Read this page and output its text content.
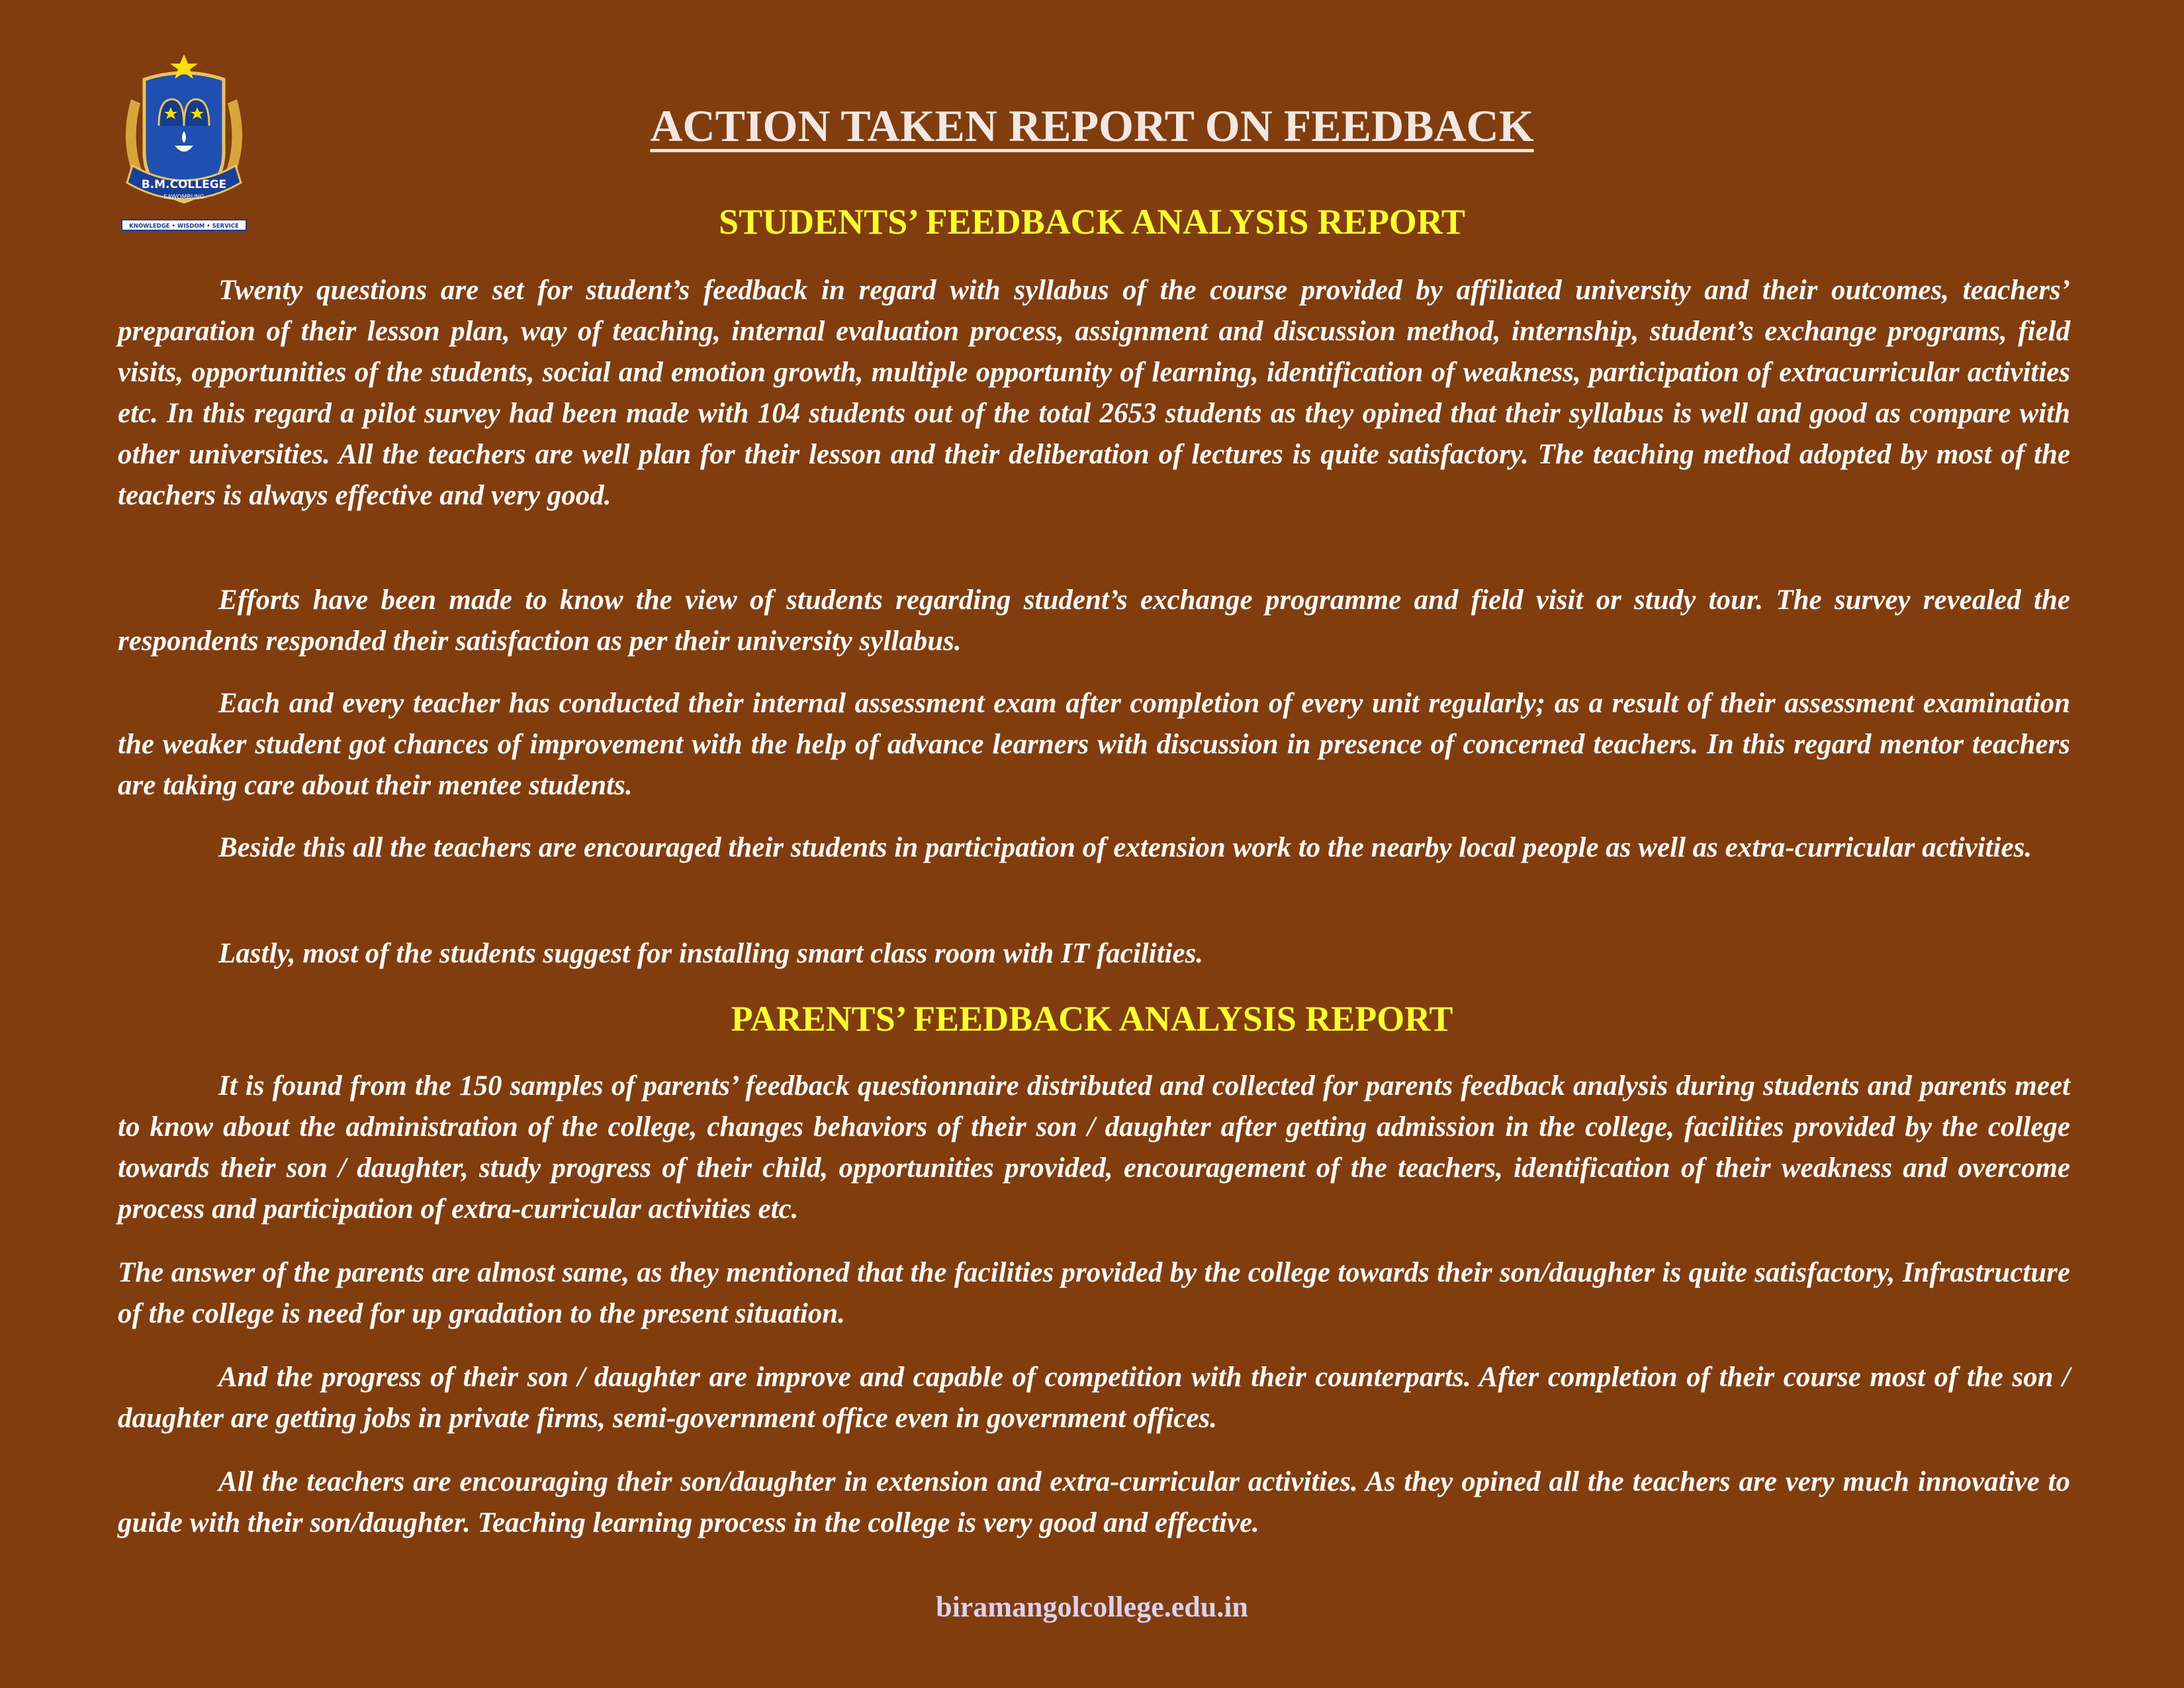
B.M.COLLEGE
SAWOMBUNG
KNOWLEDGE • WISDOM • SERVICE
ACTION TAKEN REPORT ON FEEDBACK
STUDENTS’ FEEDBACK ANALYSIS REPORT

Twenty questions are set for student’s feedback in regard with syllabus of the course provided by affiliated university and their outcomes, teachers’ preparation of their lesson plan, way of teaching, internal evaluation process, assignment and discussion method, internship, student’s exchange programs, field visits, opportunities of the students, social and emotion growth, multiple opportunity of learning, identification of weakness, participation of extracurricular activities etc. In this regard a pilot survey had been made with 104 students out of the total 2653 students as they opined that their syllabus is well and good as compare with other universities. All the teachers are well plan for their lesson and their deliberation of lectures is quite satisfactory. The teaching method adopted by most of the teachers is always effective and very good.

Efforts have been made to know the view of students regarding student’s exchange programme and field visit or study tour. The survey revealed the respondents responded their satisfaction as per their university syllabus.

Each and every teacher has conducted their internal assessment exam after completion of every unit regularly; as a result of their assessment examination the weaker student got chances of improvement with the help of advance learners with discussion in presence of concerned teachers. In this regard mentor teachers are taking care about their mentee students.

Beside this all the teachers are encouraged their students in participation of extension work to the nearby local people as well as extra-curricular activities.

Lastly, most of the students suggest for installing smart class room with IT facilities.

PARENTS’ FEEDBACK ANALYSIS REPORT

It is found from the 150 samples of parents’ feedback questionnaire distributed and collected for parents feedback analysis during students and parents meet to know about the administration of the college, changes behaviors of their son / daughter after getting admission in the college, facilities provided by the college towards their son / daughter, study progress of their child, opportunities provided, encouragement of the teachers, identification of their weakness and overcome process and participation of extra-curricular activities etc.

The answer of the parents are almost same, as they mentioned that the facilities provided by the college towards their son/daughter is quite satisfactory, Infrastructure of the college is need for up gradation to the present situation.

And the progress of their son / daughter are improve and capable of competition with their counterparts. After completion of their course most of the son / daughter are getting jobs in private firms, semi-government office even in government offices.

All the teachers are encouraging their son/daughter in extension and extra-curricular activities. As they opined all the teachers are very much innovative to guide with their son/daughter. Teaching learning process in the college is very good and effective.

biramangolcollege.edu.in
